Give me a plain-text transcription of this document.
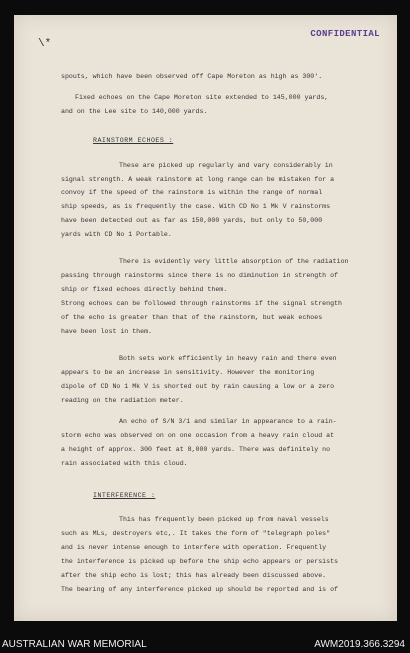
CONFIDENTIAL
\*
spouts, which have been observed off Cape Moreton as high as 300'.
Fixed echoes on the Cape Moreton site extended to 145,000 yards,
and on the Lee site to 140,000 yards.
RAINSTORM ECHOES :
These are picked up regularly and vary considerably in
signal strength. A weak rainstorm at long range can be mistaken for a
convoy if the speed of the rainstorm is within the range of normal
ship speeds, as is frequently the case. With CD No 1 Mk V rainstorms
have been detected out as far as 150,000 yards, but only to 50,000
yards with CD No 1 Portable.
There is evidently very little absorption of the radiation
passing through rainstorms since there is no diminution in strength of
ship or fixed echoes directly behind them.
Strong echoes can be followed through rainstorms if the signal strength
of the echo is greater than that of the rainstorm, but weak echoes
have been lost in them.
Both sets work efficiently in heavy rain and there even
appears to be an increase in sensitivity. However the monitoring
dipole of CD No 1 Mk V is shorted out by rain causing a low or a zero
reading on the radiation meter.
An echo of S/N 3/1 and similar in appearance to a rain-
storm echo was observed on on one occasion from a heavy rain cloud at
a height of approx. 300 feet at 8,000 yards. There was definitely no
rain associated with this cloud.
INTERFERENCE :
This has frequently been picked up from naval vessels
such as MLs, destroyers etc,. It takes the form of "telegraph poles"
and is never intense enough to interfere with operation. Frequently
the interference is picked up before the ship echo appears or persists
after the ship echo is lost; this has already been discussed above.
The bearing of any interference picked up should be reported and is of
AUSTRALIAN WAR MEMORIAL	AWM2019.366.3294
